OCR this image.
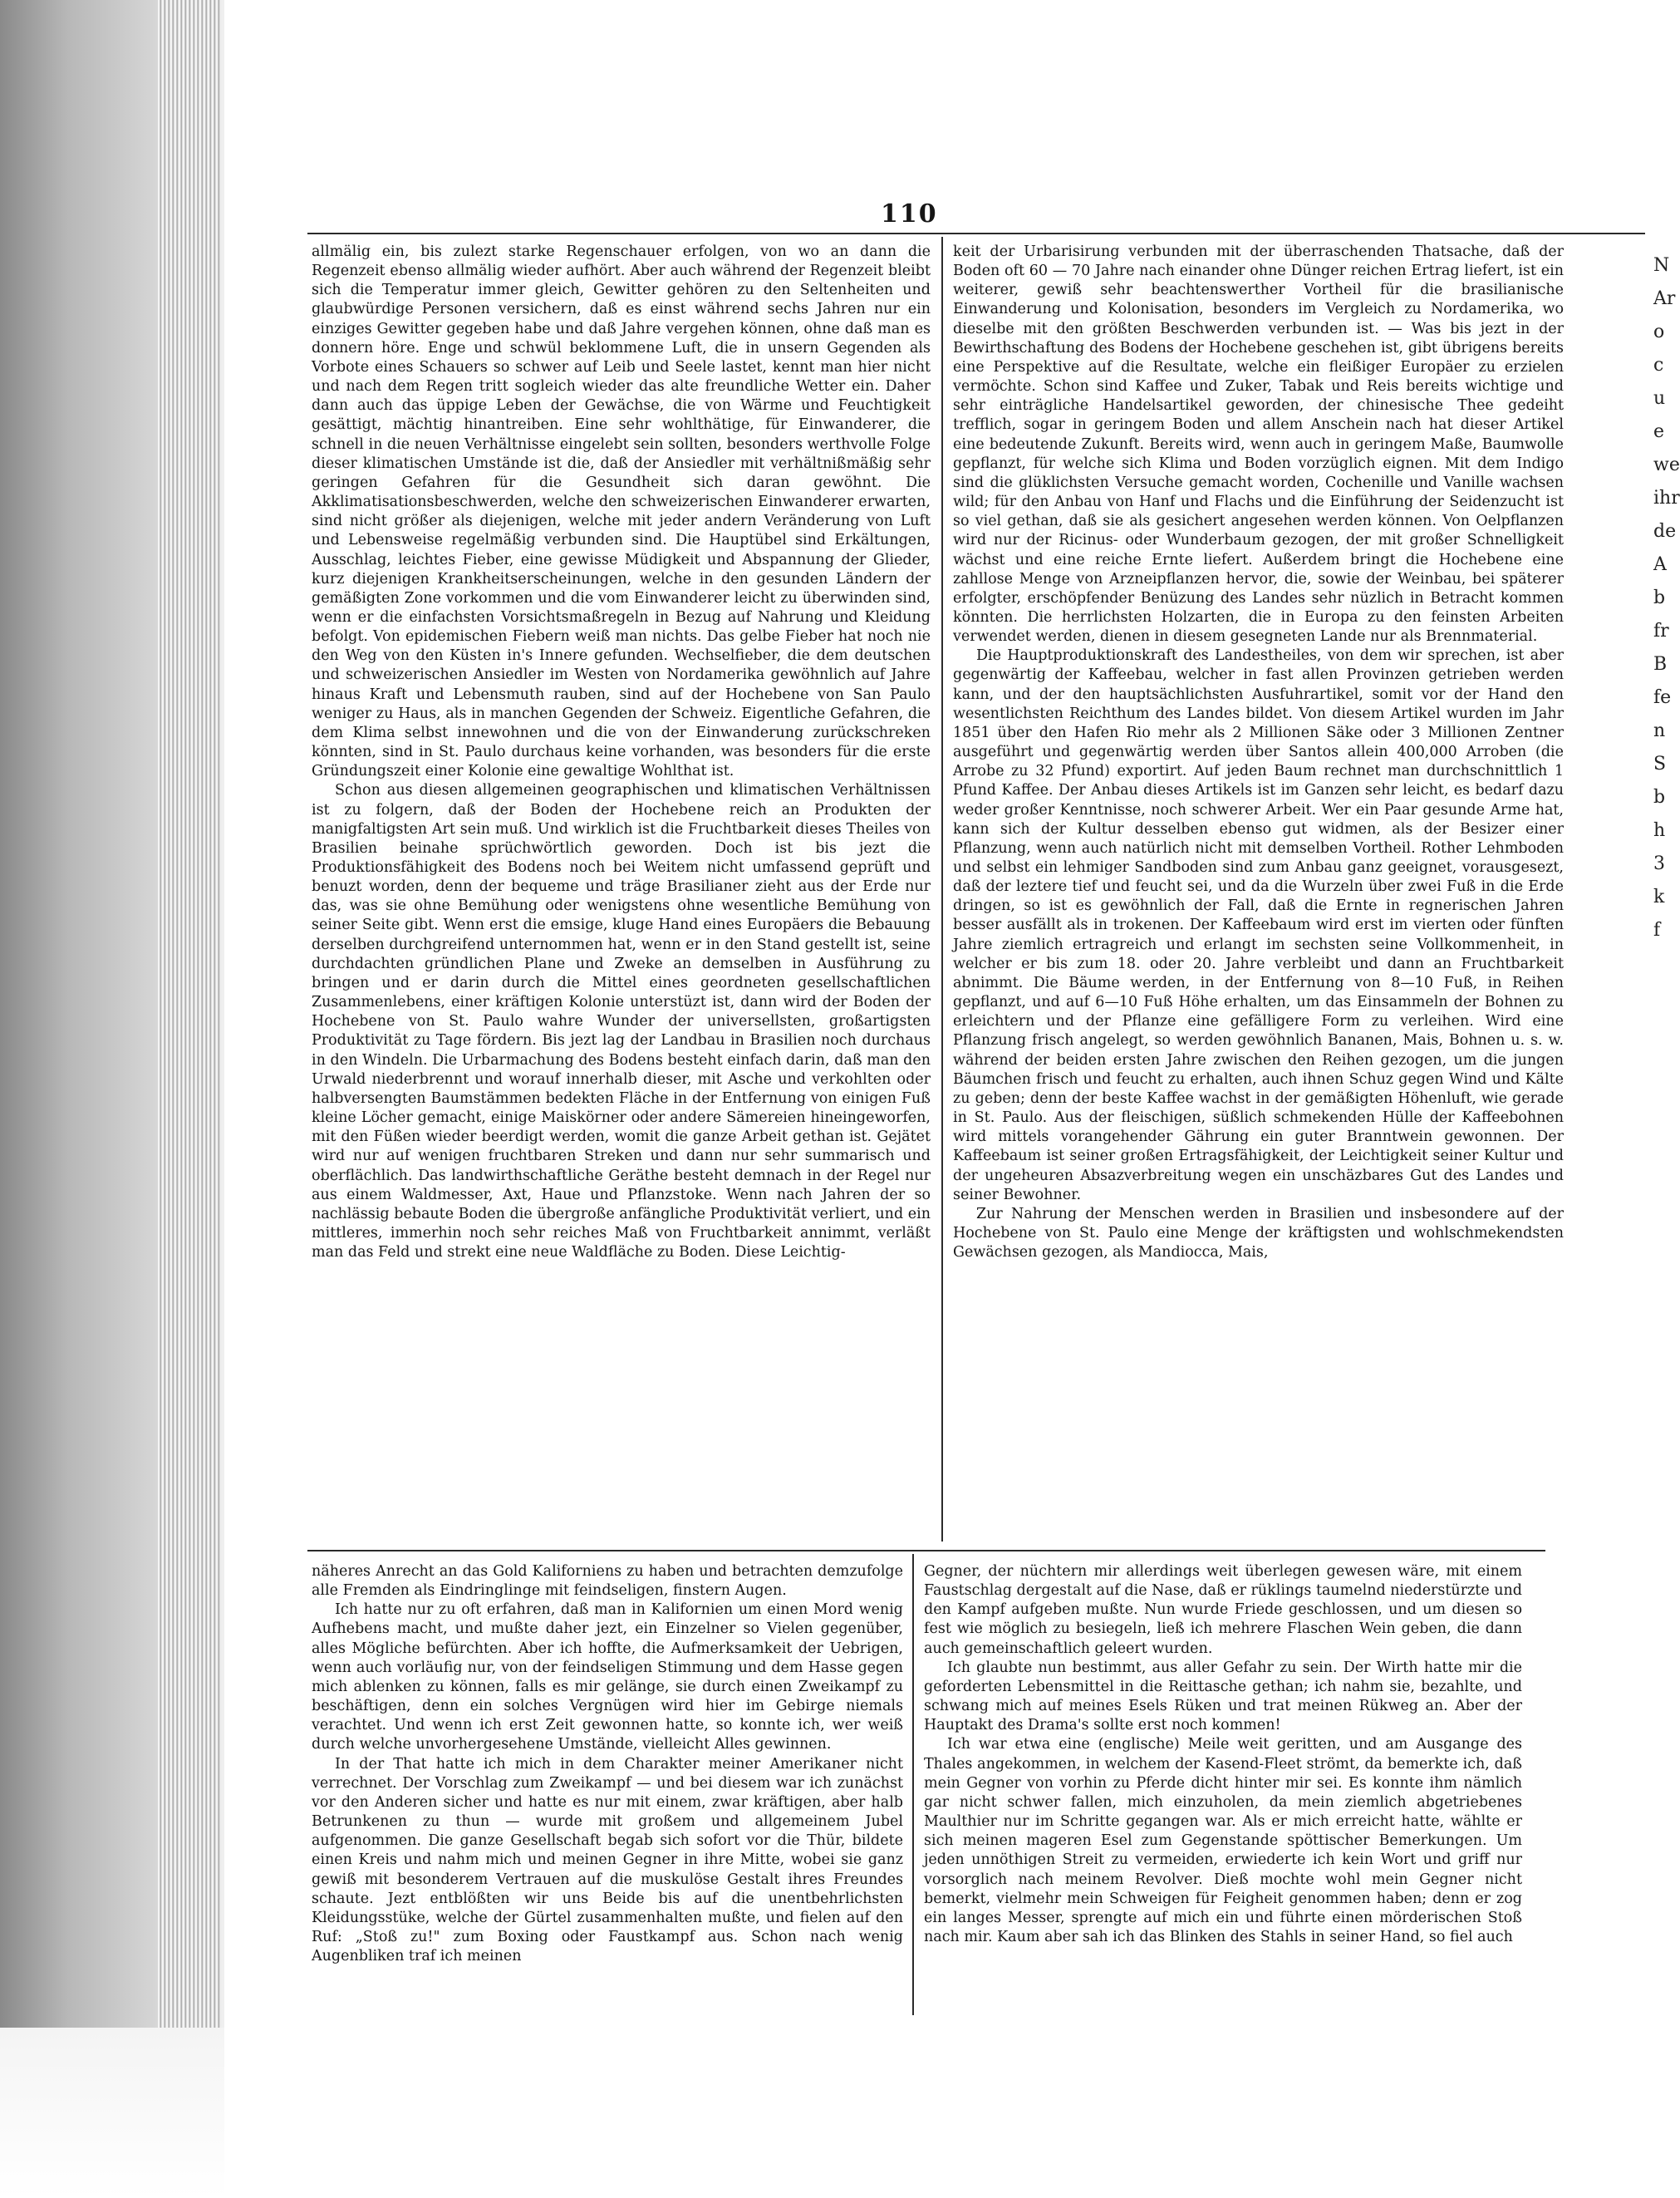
110

allmälig ein, bis zulezt starke Regenschauer erfolgen, von wo an dann die Regenzeit ebenso allmälig wieder aufhört. Aber auch während der Regenzeit bleibt sich die Temperatur immer gleich, Gewitter gehören zu den Seltenheiten und glaubwürdige Personen versichern, daß es einst während sechs Jahren nur ein einziges Gewitter gegeben habe und daß Jahre vergehen können, ohne daß man es donnern höre. Enge und schwül beklommene Luft, die in unsern Gegenden als Vorbote eines Schauers so schwer auf Leib und Seele lastet, kennt man hier nicht und nach dem Regen tritt sogleich wieder das alte freundliche Wetter ein. Daher dann auch das üppige Leben der Gewächse, die von Wärme und Feuchtigkeit gesättigt, mächtig hinantreiben. Eine sehr wohlthätige, für Einwanderer, die schnell in die neuen Verhältnisse eingelebt sein sollten, besonders werthvolle Folge dieser klimatischen Umstände ist die, daß der Ansiedler mit verhältnißmäßig sehr geringen Gefahren für die Gesundheit sich daran gewöhnt. Die Akklimatisationsbeschwerden, welche den schweizerischen Einwanderer erwarten, sind nicht größer als diejenigen, welche mit jeder andern Veränderung von Luft und Lebensweise regelmäßig verbunden sind. Die Hauptübel sind Erkältungen, Ausschlag, leichtes Fieber, eine gewisse Müdigkeit und Abspannung der Glieder, kurz diejenigen Krankheitserscheinungen, welche in den gesunden Ländern der gemäßigten Zone vorkommen und die vom Einwanderer leicht zu überwinden sind, wenn er die einfachsten Vorsichtsmaßregeln in Bezug auf Nahrung und Kleidung befolgt. Von epidemischen Fiebern weiß man nichts. Das gelbe Fieber hat noch nie den Weg von den Küsten in's Innere gefunden. Wechselfieber, die dem deutschen und schweizerischen Ansiedler im Westen von Nordamerika gewöhnlich auf Jahre hinaus Kraft und Lebensmuth rauben, sind auf der Hochebene von San Paulo weniger zu Haus, als in manchen Gegenden der Schweiz. Eigentliche Gefahren, die dem Klima selbst innewohnen und die von der Einwanderung zurückschreken könnten, sind in St. Paulo durchaus keine vorhanden, was besonders für die erste Gründungszeit einer Kolonie eine gewaltige Wohlthat ist.

Schon aus diesen allgemeinen geographischen und klimatischen Verhältnissen ist zu folgern, daß der Boden der Hochebene reich an Produkten der manigfaltigsten Art sein muß. Und wirklich ist die Fruchtbarkeit dieses Theiles von Brasilien beinahe sprüchwörtlich geworden. Doch ist bis jezt die Produktionsfähigkeit des Bodens noch bei Weitem nicht umfassend geprüft und benuzt worden, denn der bequeme und träge Brasilianer zieht aus der Erde nur das, was sie ohne Bemühung oder wenigstens ohne wesentliche Bemühung von seiner Seite gibt. Wenn erst die emsige, kluge Hand eines Europäers die Bebauung derselben durchgreifend unternommen hat, wenn er in den Stand gestellt ist, seine durchdachten gründlichen Plane und Zweke an demselben in Ausführung zu bringen und er darin durch die Mittel eines geordneten gesellschaftlichen Zusammenlebens, einer kräftigen Kolonie unterstüzt ist, dann wird der Boden der Hochebene von St. Paulo wahre Wunder der universellsten, großartigsten Produktivität zu Tage fördern. Bis jezt lag der Landbau in Brasilien noch durchaus in den Windeln. Die Urbarmachung des Bodens besteht einfach darin, daß man den Urwald niederbrennt und worauf innerhalb dieser, mit Asche und verkohlten oder halbversengten Baumstämmen bedekten Fläche in der Entfernung von einigen Fuß kleine Löcher gemacht, einige Maiskörner oder andere Sämereien hineingeworfen, mit den Füßen wieder beerdigt werden, womit die ganze Arbeit gethan ist. Gejätet wird nur auf wenigen fruchtbaren Streken und dann nur sehr summarisch und oberflächlich. Das landwirthschaftliche Geräthe besteht demnach in der Regel nur aus einem Waldmesser, Axt, Haue und Pflanzstoke. Wenn nach Jahren der so nachlässig bebaute Boden die übergroße anfängliche Produktivität verliert, und ein mittleres, immerhin noch sehr reiches Maß von Fruchtbarkeit annimmt, verläßt man das Feld und strekt eine neue Waldfläche zu Boden. Diese Leichtig-

keit der Urbarisirung verbunden mit der überraschenden Thatsache, daß der Boden oft 60 — 70 Jahre nach einander ohne Dünger reichen Ertrag liefert, ist ein weiterer, gewiß sehr beachtenswerther Vortheil für die brasilianische Einwanderung und Kolonisation, besonders im Vergleich zu Nordamerika, wo dieselbe mit den größten Beschwerden verbunden ist. — Was bis jezt in der Bewirthschaftung des Bodens der Hochebene geschehen ist, gibt übrigens bereits eine Perspektive auf die Resultate, welche ein fleißiger Europäer zu erzielen vermöchte. Schon sind Kaffee und Zuker, Tabak und Reis bereits wichtige und sehr einträgliche Handelsartikel geworden, der chinesische Thee gedeiht trefflich, sogar in geringem Boden und allem Anschein nach hat dieser Artikel eine bedeutende Zukunft. Bereits wird, wenn auch in geringem Maße, Baumwolle gepflanzt, für welche sich Klima und Boden vorzüglich eignen. Mit dem Indigo sind die glüklichsten Versuche gemacht worden, Cochenille und Vanille wachsen wild; für den Anbau von Hanf und Flachs und die Einführung der Seidenzucht ist so viel gethan, daß sie als gesichert angesehen werden können. Von Oelpflanzen wird nur der Ricinus- oder Wunderbaum gezogen, der mit großer Schnelligkeit wächst und eine reiche Ernte liefert. Außerdem bringt die Hochebene eine zahllose Menge von Arzneipflanzen hervor, die, sowie der Weinbau, bei späterer erfolgter, erschöpfender Benüzung des Landes sehr nüzlich in Betracht kommen könnten. Die herrlichsten Holzarten, die in Europa zu den feinsten Arbeiten verwendet werden, dienen in diesem gesegneten Lande nur als Brennmaterial.

Die Hauptproduktionskraft des Landestheiles, von dem wir sprechen, ist aber gegenwärtig der Kaffeebau, welcher in fast allen Provinzen getrieben werden kann, und der den hauptsächlichsten Ausfuhrartikel, somit vor der Hand den wesentlichsten Reichthum des Landes bildet. Von diesem Artikel wurden im Jahr 1851 über den Hafen Rio mehr als 2 Millionen Säke oder 3 Millionen Zentner ausgeführt und gegenwärtig werden über Santos allein 400,000 Arroben (die Arrobe zu 32 Pfund) exportirt. Auf jeden Baum rechnet man durchschnittlich 1 Pfund Kaffee. Der Anbau dieses Artikels ist im Ganzen sehr leicht, es bedarf dazu weder großer Kenntnisse, noch schwerer Arbeit. Wer ein Paar gesunde Arme hat, kann sich der Kultur desselben ebenso gut widmen, als der Besizer einer Pflanzung, wenn auch natürlich nicht mit demselben Vortheil. Rother Lehmboden und selbst ein lehmiger Sandboden sind zum Anbau ganz geeignet, vorausgesezt, daß der leztere tief und feucht sei, und da die Wurzeln über zwei Fuß in die Erde dringen, so ist es gewöhnlich der Fall, daß die Ernte in regnerischen Jahren besser ausfällt als in trokenen. Der Kaffeebaum wird erst im vierten oder fünften Jahre ziemlich ertragreich und erlangt im sechsten seine Vollkommenheit, in welcher er bis zum 18. oder 20. Jahre verbleibt und dann an Fruchtbarkeit abnimmt. Die Bäume werden, in der Entfernung von 8—10 Fuß, in Reihen gepflanzt, und auf 6—10 Fuß Höhe erhalten, um das Einsammeln der Bohnen zu erleichtern und der Pflanze eine gefälligere Form zu verleihen. Wird eine Pflanzung frisch angelegt, so werden gewöhnlich Bananen, Mais, Bohnen u. s. w. während der beiden ersten Jahre zwischen den Reihen gezogen, um die jungen Bäumchen frisch und feucht zu erhalten, auch ihnen Schuz gegen Wind und Kälte zu geben; denn der beste Kaffee wachst in der gemäßigten Höhenluft, wie gerade in St. Paulo. Aus der fleischigen, süßlich schmekenden Hülle der Kaffeebohnen wird mittels vorangehender Gährung ein guter Branntwein gewonnen. Der Kaffeebaum ist seiner großen Ertragsfähigkeit, der Leichtigkeit seiner Kultur und der ungeheuren Absazverbreitung wegen ein unschäzbares Gut des Landes und seiner Bewohner.

Zur Nahrung der Menschen werden in Brasilien und insbesondere auf der Hochebene von St. Paulo eine Menge der kräftigsten und wohlschmekendsten Gewächsen gezogen, als Mandiocca, Mais,

näheres Anrecht an das Gold Kaliforniens zu haben und betrachten demzufolge alle Fremden als Eindringlinge mit feindseligen, finstern Augen.

Ich hatte nur zu oft erfahren, daß man in Kalifornien um einen Mord wenig Aufhebens macht, und mußte daher jezt, ein Einzelner so Vielen gegenüber, alles Mögliche befürchten. Aber ich hoffte, die Aufmerksamkeit der Uebrigen, wenn auch vorläufig nur, von der feindseligen Stimmung und dem Hasse gegen mich ablenken zu können, falls es mir gelänge, sie durch einen Zweikampf zu beschäftigen, denn ein solches Vergnügen wird hier im Gebirge niemals verachtet. Und wenn ich erst Zeit gewonnen hatte, so konnte ich, wer weiß durch welche unvorhergesehene Umstände, vielleicht Alles gewinnen.

In der That hatte ich mich in dem Charakter meiner Amerikaner nicht verrechnet. Der Vorschlag zum Zweikampf — und bei diesem war ich zunächst vor den Anderen sicher und hatte es nur mit einem, zwar kräftigen, aber halb Betrunkenen zu thun — wurde mit großem und allgemeinem Jubel aufgenommen. Die ganze Gesellschaft begab sich sofort vor die Thür, bildete einen Kreis und nahm mich und meinen Gegner in ihre Mitte, wobei sie ganz gewiß mit besonderem Vertrauen auf die muskulöse Gestalt ihres Freundes schaute. Jezt entblößten wir uns Beide bis auf die unentbehrlichsten Kleidungsstüke, welche der Gürtel zusammenhalten mußte, und fielen auf den Ruf: „Stoß zu!" zum Boxing oder Faustkampf aus. Schon nach wenig Augenbliken traf ich meinen

Gegner, der nüchtern mir allerdings weit überlegen gewesen wäre, mit einem Faustschlag dergestalt auf die Nase, daß er rüklings taumelnd niederstürzte und den Kampf aufgeben mußte. Nun wurde Friede geschlossen, und um diesen so fest wie möglich zu besiegeln, ließ ich mehrere Flaschen Wein geben, die dann auch gemeinschaftlich geleert wurden.

Ich glaubte nun bestimmt, aus aller Gefahr zu sein. Der Wirth hatte mir die geforderten Lebensmittel in die Reittasche gethan; ich nahm sie, bezahlte, und schwang mich auf meines Esels Rüken und trat meinen Rükweg an. Aber der Hauptakt des Drama's sollte erst noch kommen!

Ich war etwa eine (englische) Meile weit geritten, und am Ausgange des Thales angekommen, in welchem der Kasend-Fleet strömt, da bemerkte ich, daß mein Gegner von vorhin zu Pferde dicht hinter mir sei. Es konnte ihm nämlich gar nicht schwer fallen, mich einzuholen, da mein ziemlich abgetriebenes Maulthier nur im Schritte gegangen war. Als er mich erreicht hatte, wählte er sich meinen mageren Esel zum Gegenstande spöttischer Bemerkungen. Um jeden unnöthigen Streit zu vermeiden, erwiederte ich kein Wort und griff nur vorsorglich nach meinem Revolver. Dieß mochte wohl mein Gegner nicht bemerkt, vielmehr mein Schweigen für Feigheit genommen haben; denn er zog ein langes Messer, sprengte auf mich ein und führte einen mörderischen Stoß nach mir. Kaum aber sah ich das Blinken des Stahls in seiner Hand, so fiel auch

N
Ar
o c
u e
we
ihr
de
A
b
fr
B
fe
n
S
b
h
3
k
f
